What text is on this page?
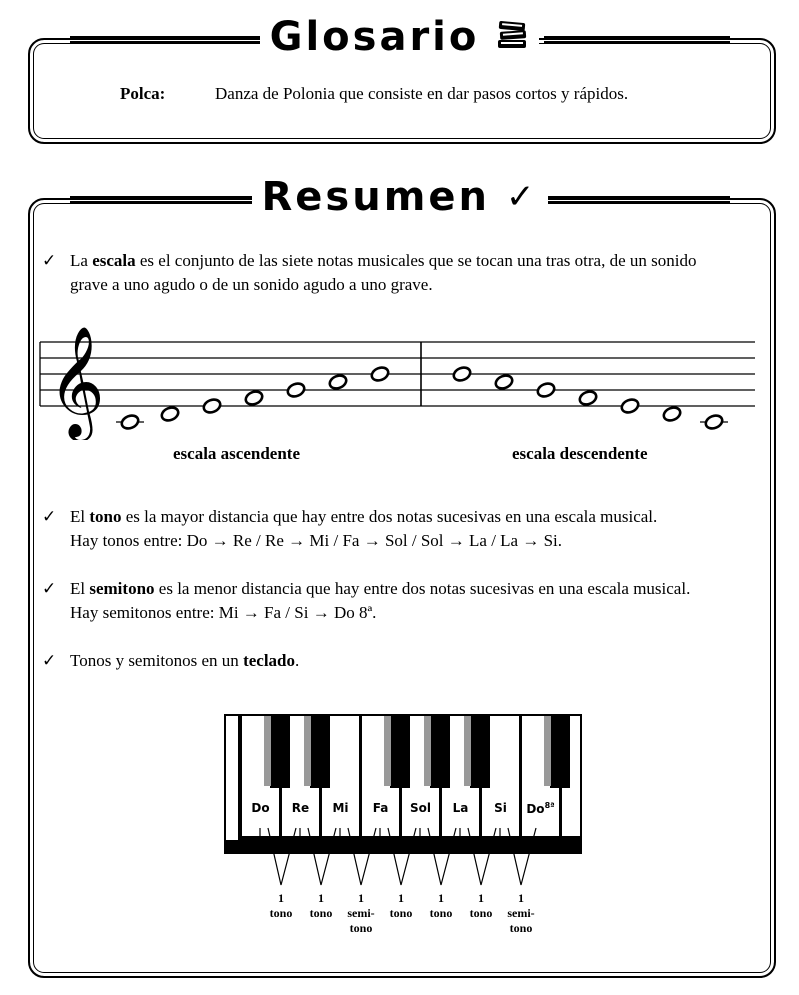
Glosario
Polca:	Danza de Polonia que consiste en dar pasos cortos y rápidos.
Resumen ✓
✓ La escala es el conjunto de las siete notas musicales que se tocan una tras otra, de un sonido
grave a uno agudo o de un sonido agudo a uno grave.
𝄞
escala ascendente	escala descendente
✓ El tono es la mayor distancia que hay entre dos notas sucesivas en una escala musical.
Hay tonos entre: Do → Re / Re → Mi / Fa → Sol / Sol → La / La → Si.
✓ El semitono es la menor distancia que hay entre dos notas sucesivas en una escala musical.
Hay semitonos entre: Mi → Fa / Si → Do 8ª.
✓ Tonos y semitonos en un teclado.
Do	Re	Mi	Fa	Sol	La	Si	$Do^{8ª}$
1
tono

1
tono

1
semi-
tono
1
tono

1
tono

1
tono

1
semi-
tono
